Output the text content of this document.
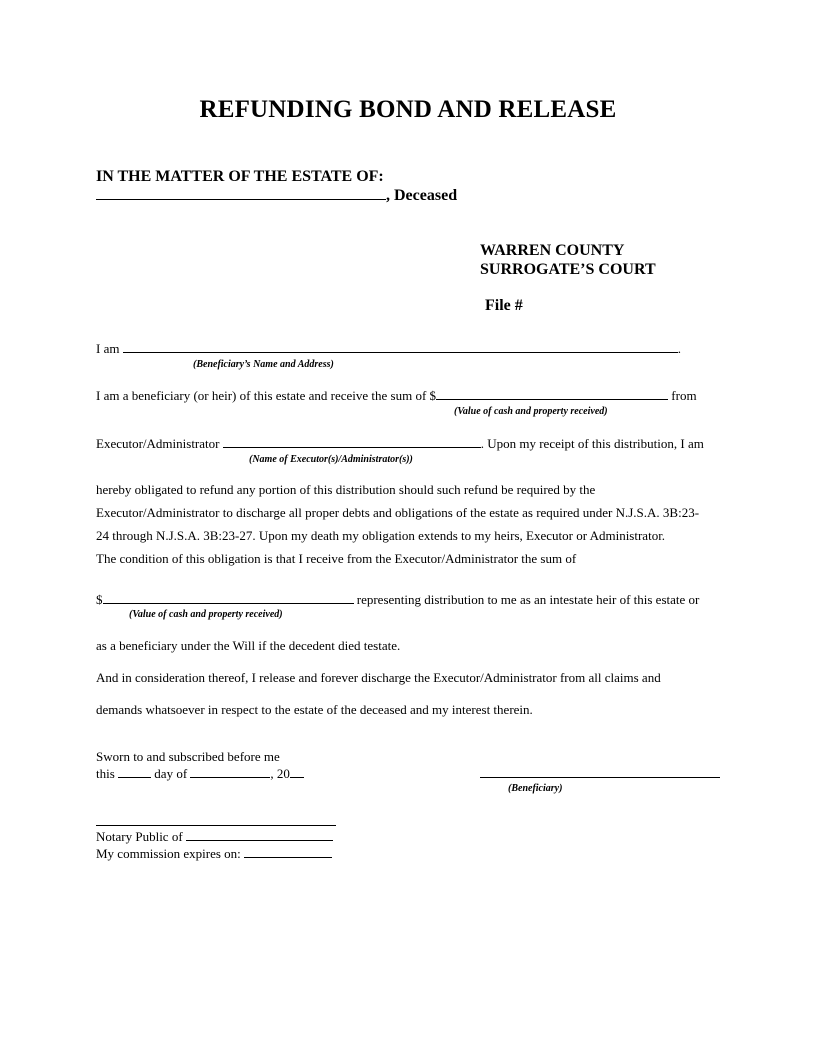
REFUNDING BOND AND RELEASE
IN THE MATTER OF THE ESTATE OF:
, Deceased
WARREN COUNTY
SURROGATE’S COURT
File #
I am	.
(Beneficiary’s Name and Address)
I am a beneficiary (or heir) of this estate and receive the sum of $	from
(Value of cash and property received)
Executor/Administrator	. Upon my receipt of this distribution, I am
(Name of Executor(s)/Administrator(s))
hereby obligated to refund any portion of this distribution should such refund be required by the
Executor/Administrator to discharge all proper debts and obligations of the estate as required under N.J.S.A. 3B:23-
24 through N.J.S.A. 3B:23-27. Upon my death my obligation extends to my heirs, Executor or Administrator.
The condition of this obligation is that I receive from the Executor/Administrator the sum of
$	representing distribution to me as an intestate heir of this estate or
(Value of cash and property received)
as a beneficiary under the Will if the decedent died testate.
And in consideration thereof, I release and forever discharge the Executor/Administrator from all claims and
demands whatsoever in respect to the estate of the deceased and my interest therein.
Sworn to and subscribed before me
this	day of	, 20
(Beneficiary)
Notary Public of
My commission expires on:
